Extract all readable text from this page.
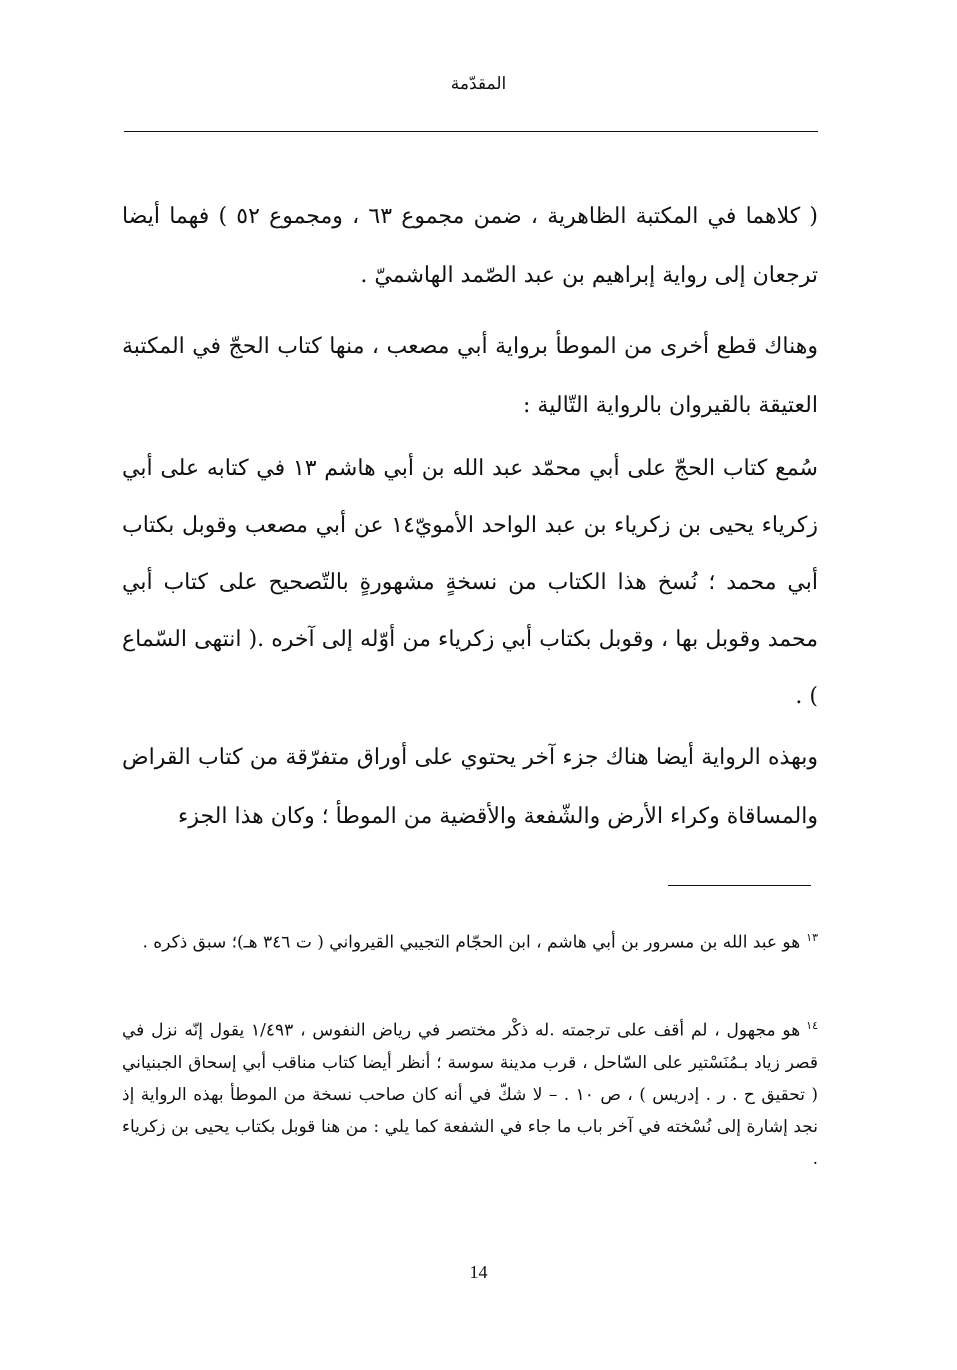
المقدّمة
( كلاهما في المكتبة الظاهرية ، ضمن مجموع ٦٣ ، ومجموع ٥٢ ) فهما أيضا ترجعان إلى رواية إبراهيم بن عبد الصّمد الهاشميّ .
وهناك قطع أخرى من الموطأ برواية أبي مصعب ، منها كتاب الحجّ في المكتبة العتيقة بالقيروان بالرواية التّالية :
سُمع كتاب الحجّ على أبي محمّد عبد الله بن أبي هاشم ١٣ في كتابه على أبي زكرياء يحيى بن زكرياء بن عبد الواحد الأمويّ١٤ عن أبي مصعب وقوبل بكتاب أبي محمد ؛ نُسخ هذا الكتاب من نسخةٍ مشهورةٍ بالتّصحيح على كتاب أبي محمد وقوبل بها ، وقوبل بكتاب أبي زكرياء من أوّله إلى آخره .( انتهى السّماع ) .
وبهذه الرواية أيضا هناك جزء آخر يحتوي على أوراق متفرّقة من كتاب القراض والمساقاة وكراء الأرض والشّفعة والأقضية من الموطأ ؛ وكان هذا الجزء
$^{١٣}$هو عبد الله بن مسرور بن أبي هاشم ، ابن الحجّام التجيبي القيرواني ( ت ٣٤٦ هـ)؛ سبق ذكره .
$^{١٤}$هو مجهول ، لم أقف على ترجمته .له ذكْر مختصر في رياض النفوس ، ١/٤٩٣ يقول إنّه نزل في قصر زياد بـمُنَسْتير على السّاحل ، قرب مدينة سوسة ؛ أنظر أيضا كتاب مناقب أبي إسحاق الجبنياني ( تحقيق ح . ر . إدريس ) ، ص ١٠ . – لا شكّ في أنه كان صاحب نسخة من الموطأ بهذه الرواية إذ نجد إشارة إلى نُسْخته في آخر باب ما جاء في الشفعة كما يلي : من هنا قوبل بكتاب يحيى بن زكرياء .
14
